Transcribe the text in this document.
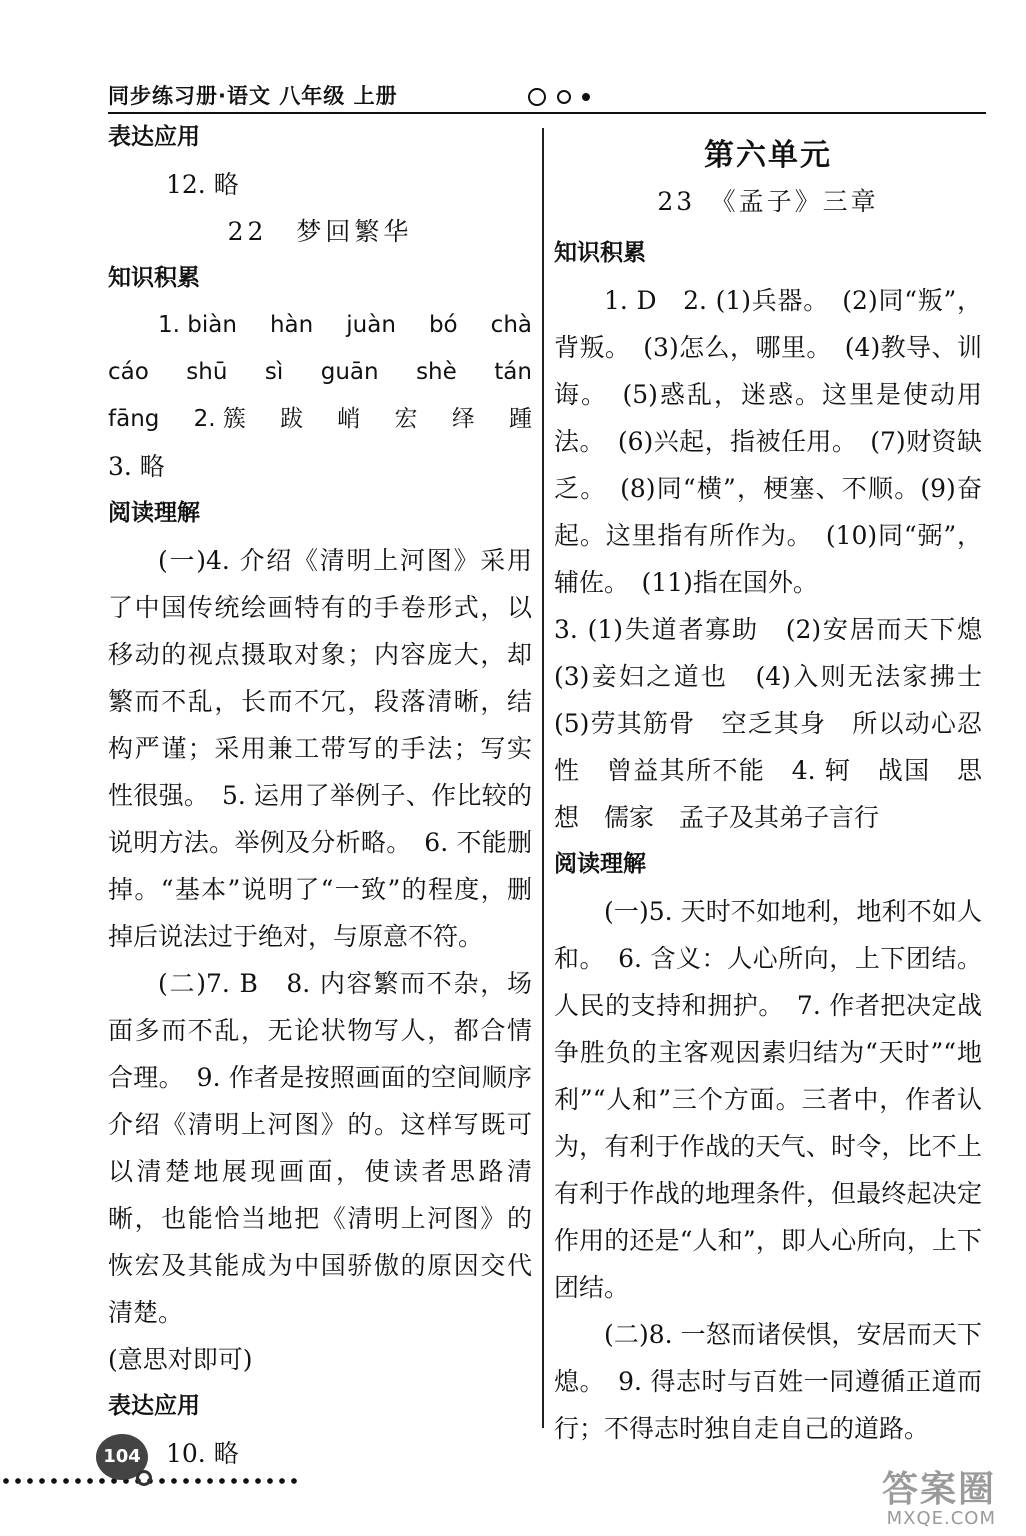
同步练习册·语文 八年级 上册

表达应用
12. 略
22　梦回繁华
知识积累
1. biàn hàn juàn bó chà
cáo shū sì guān shè tán
fāng 2. 簇 跋 峭 宏 绎 踵
3. 略
阅读理解

(一)4. 介绍《清明上河图》采用了中国传统绘画特有的手卷形式，以移动的视点摄取对象；内容庞大，却繁而不乱，长而不冗，段落清晰，结构严谨；采用兼工带写的手法；写实性很强。　5. 运用了举例子、作比较的说明方法。举例及分析略。　6. 不能删掉。“基本”说明了“一致”的程度，删掉后说法过于绝对，与原意不符。

(二)7. B　8. 内容繁而不杂，场面多而不乱，无论状物写人，都合情合理。　9. 作者是按照画面的空间顺序介绍《清明上河图》的。这样写既可以清楚地展现画面，使读者思路清晰，也能恰当地把《清明上河图》的恢宏及其能成为中国骄傲的原因交代清楚。

(意思对即可)
表达应用
10. 略
第六单元
23　《孟子》三章
知识积累

1. D　2. (1)兵器。　(2)同“叛”，背叛。　(3)怎么，哪里。　(4)教导、训诲。　(5)惑乱，迷惑。这里是使动用法。　(6)兴起，指被任用。　(7)财资缺乏。　(8)同“横”，梗塞、不顺。(9)奋起。这里指有所作为。　(10)同“弼”，辅佐。　(11)指在国外。

3. (1)失道者寡助　(2)安居而天下熄
(3)妾妇之道也　(4)入则无法家拂士
(5)劳其筋骨　空乏其身　所以动心忍
性　曾益其所不能　4. 轲　战国　思
想　儒家　孟子及其弟子言行
阅读理解

(一)5. 天时不如地利，地利不如人和。　6. 含义：人心所向，上下团结。人民的支持和拥护。　7. 作者把决定战争胜负的主客观因素归结为“天时”“地利”“人和”三个方面。三者中，作者认为，有利于作战的天气、时令，比不上有利于作战的地理条件，但最终起决定作用的还是“人和”，即人心所向，上下团结。

(二)8. 一怒而诸侯惧，安居而天下熄。　9. 得志时与百姓一同遵循正道而行；不得志时独自走自己的道路。

104
答案圈
MXQE.COM
